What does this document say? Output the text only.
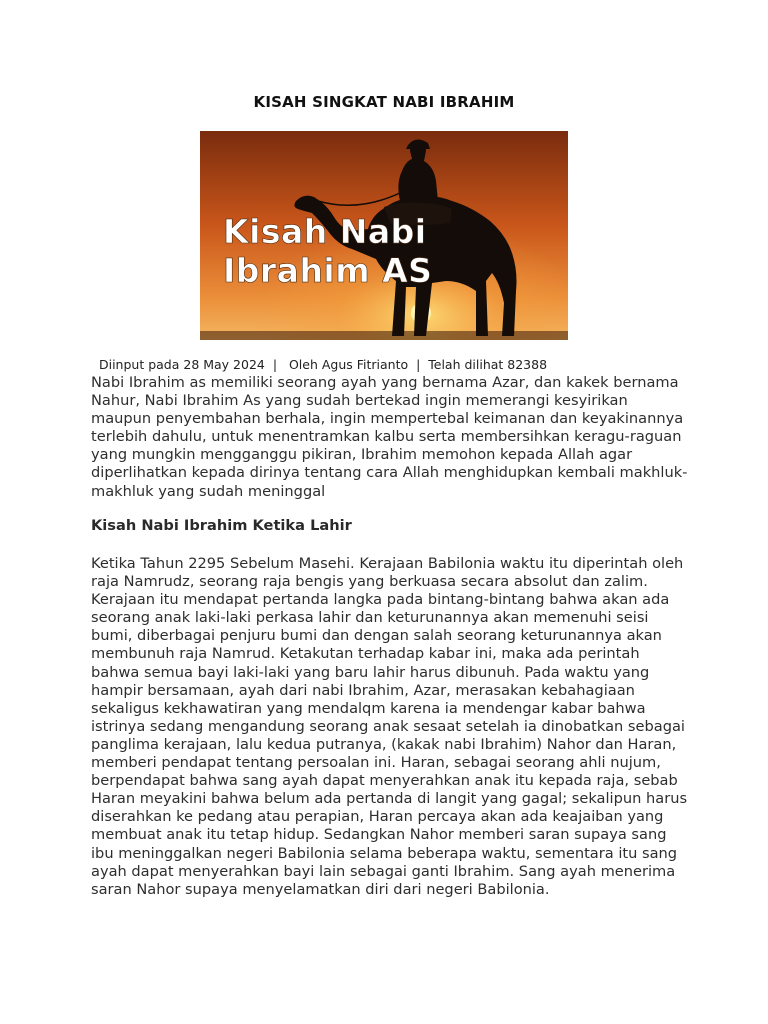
KISAH SINGKAT NABI IBRAHIM
Kisah Nabi
Ibrahim AS
Diinput pada 28 May 2024  |   Oleh Agus Fitrianto  |  Telah dilihat 82388

Nabi Ibrahim as memiliki seorang ayah yang bernama Azar, dan kakek bernama Nahur, Nabi Ibrahim As yang sudah bertekad ingin memerangi kesyirikan maupun penyembahan berhala, ingin mempertebal keimanan dan keyakinannya terlebih dahulu, untuk menentramkan kalbu serta membersihkan keragu-raguan yang mungkin mengganggu pikiran, Ibrahim memohon kepada Allah agar diperlihatkan kepada dirinya tentang cara Allah menghidupkan kembali makhluk-makhluk yang sudah meninggal

Kisah Nabi Ibrahim Ketika Lahir

Ketika Tahun 2295 Sebelum Masehi. Kerajaan Babilonia waktu itu diperintah oleh raja Namrudz, seorang raja bengis yang berkuasa secara absolut dan zalim. Kerajaan itu mendapat pertanda langka pada bintang-bintang bahwa akan ada seorang anak laki-laki perkasa lahir dan keturunannya akan memenuhi seisi bumi, diberbagai penjuru bumi dan dengan salah seorang keturunannya akan membunuh raja Namrud. Ketakutan terhadap kabar ini, maka ada perintah bahwa semua bayi laki-laki yang baru lahir harus dibunuh. Pada waktu yang hampir bersamaan, ayah dari nabi Ibrahim, Azar, merasakan kebahagiaan sekaligus kekhawatiran yang mendalqm karena ia mendengar kabar bahwa istrinya sedang mengandung seorang anak sesaat setelah ia dinobatkan sebagai panglima kerajaan, lalu kedua putranya, (kakak nabi Ibrahim) Nahor dan Haran, memberi pendapat tentang persoalan ini. Haran, sebagai seorang ahli nujum, berpendapat bahwa sang ayah dapat menyerahkan anak itu kepada raja, sebab Haran meyakini bahwa belum ada pertanda di langit yang gagal; sekalipun harus diserahkan ke pedang atau perapian, Haran percaya akan ada keajaiban yang membuat anak itu tetap hidup. Sedangkan Nahor memberi saran supaya sang ibu meninggalkan negeri Babilonia selama beberapa waktu, sementara itu sang ayah dapat menyerahkan bayi lain sebagai ganti Ibrahim. Sang ayah menerima saran Nahor supaya menyelamatkan diri dari negeri Babilonia.
